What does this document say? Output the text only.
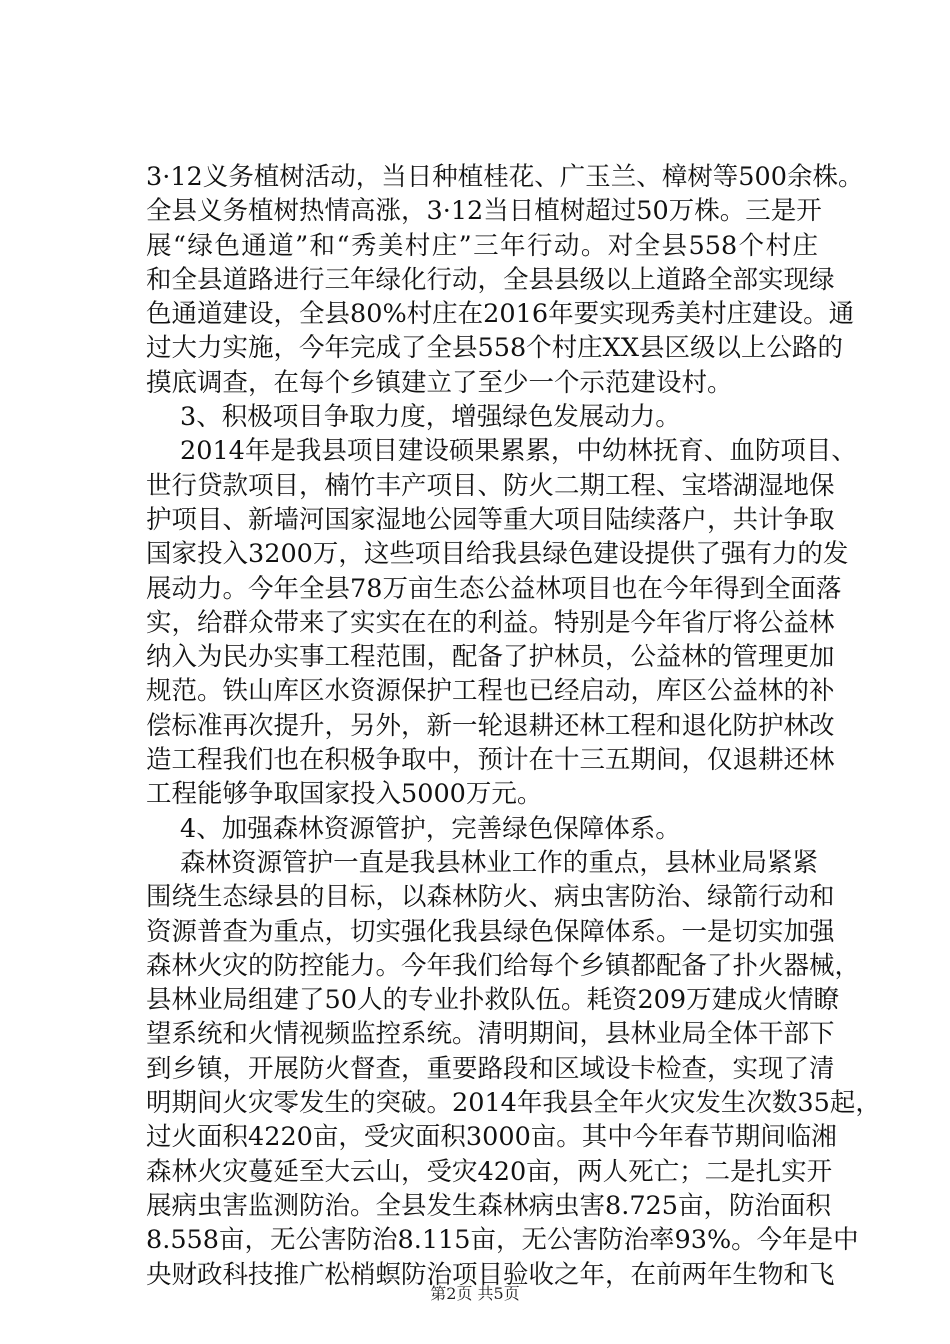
3·12义务植树活动，当日种植桂花、广玉兰、樟树等500余株。
全县义务植树热情高涨，3·12当日植树超过50万株。三是开
展“绿色通道”和“秀美村庄”三年行动。对全县558个村庄
和全县道路进行三年绿化行动，全县县级以上道路全部实现绿
色通道建设，全县80%村庄在2016年要实现秀美村庄建设。通
过大力实施，今年完成了全县558个村庄XX县区级以上公路的
摸底调查，在每个乡镇建立了至少一个示范建设村。
3、积极项目争取力度，增强绿色发展动力。
2014年是我县项目建设硕果累累，中幼林抚育、血防项目、
世行贷款项目，楠竹丰产项目、防火二期工程、宝塔湖湿地保
护项目、新墙河国家湿地公园等重大项目陆续落户，共计争取
国家投入3200万，这些项目给我县绿色建设提供了强有力的发
展动力。今年全县78万亩生态公益林项目也在今年得到全面落
实，给群众带来了实实在在的利益。特别是今年省厅将公益林
纳入为民办实事工程范围，配备了护林员，公益林的管理更加
规范。铁山库区水资源保护工程也已经启动，库区公益林的补
偿标准再次提升，另外，新一轮退耕还林工程和退化防护林改
造工程我们也在积极争取中，预计在十三五期间，仅退耕还林
工程能够争取国家投入5000万元。
4、加强森林资源管护，完善绿色保障体系。
森林资源管护一直是我县林业工作的重点，县林业局紧紧
围绕生态绿县的目标，以森林防火、病虫害防治、绿箭行动和
资源普查为重点，切实强化我县绿色保障体系。一是切实加强
森林火灾的防控能力。今年我们给每个乡镇都配备了扑火器械，
县林业局组建了50人的专业扑救队伍。耗资209万建成火情瞭
望系统和火情视频监控系统。清明期间，县林业局全体干部下
到乡镇，开展防火督查，重要路段和区域设卡检查，实现了清
明期间火灾零发生的突破。2014年我县全年火灾发生次数35起，
过火面积4220亩，受灾面积3000亩。其中今年春节期间临湘
森林火灾蔓延至大云山，受灾420亩，两人死亡；二是扎实开
展病虫害监测防治。全县发生森林病虫害8.725亩，防治面积
8.558亩，无公害防治8.115亩，无公害防治率93%。今年是中
央财政科技推广松梢螟防治项目验收之年，在前两年生物和飞
第2页 共5页
